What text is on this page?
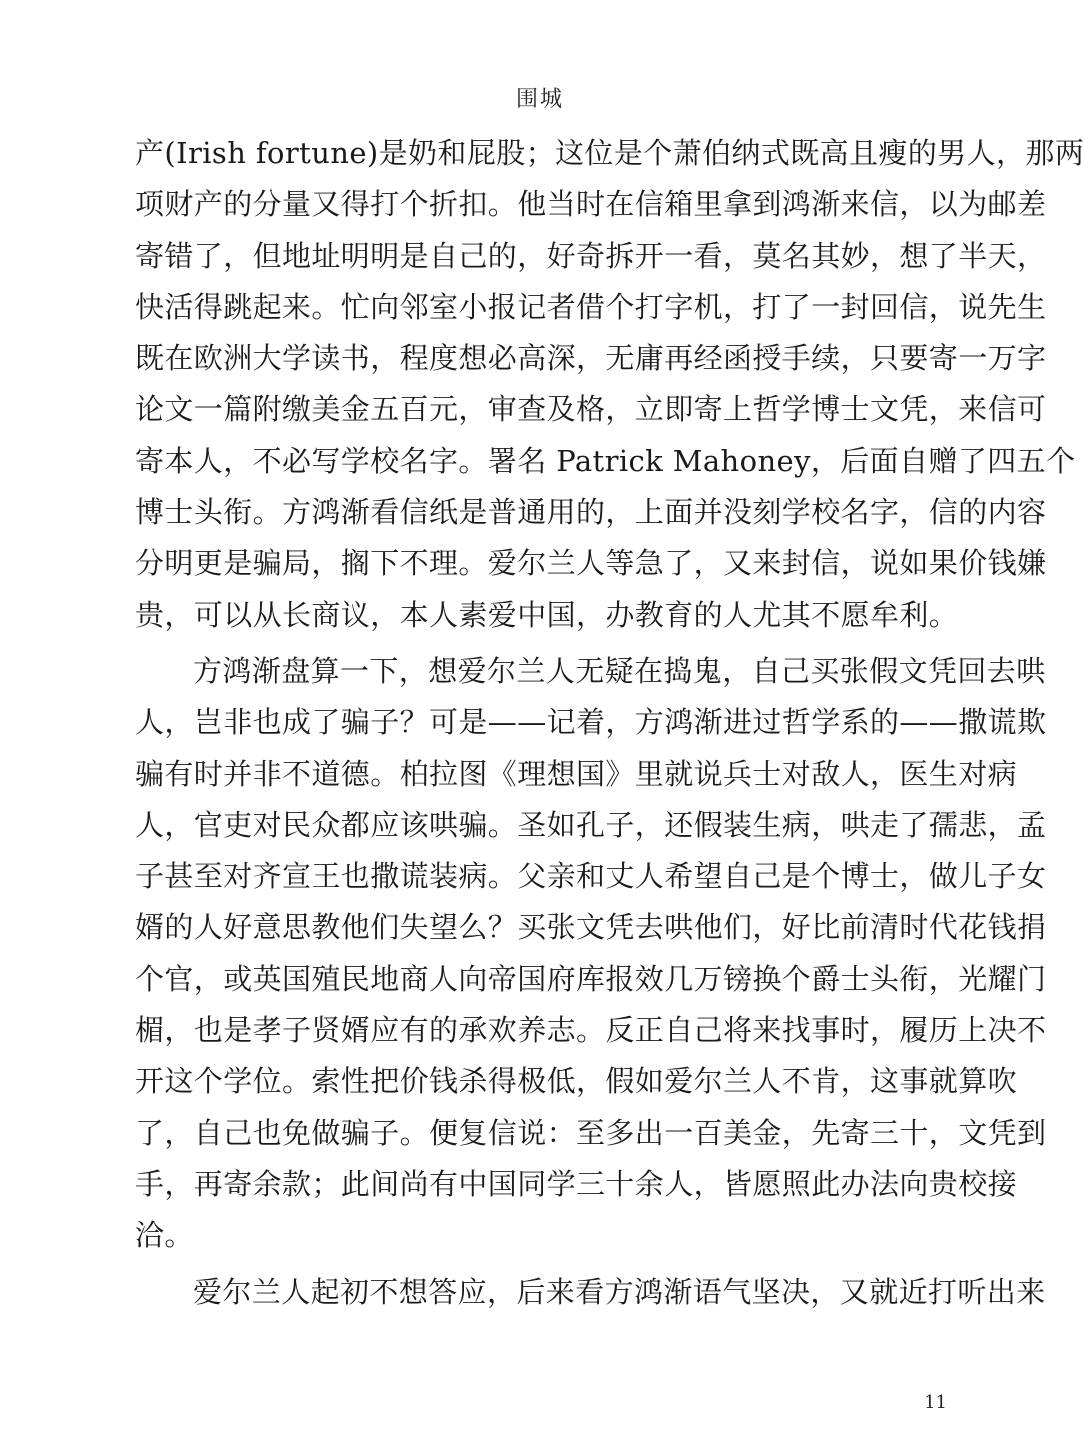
围城
产(Irish fortune)是奶和屁股；这位是个萧伯纳式既高且瘦的男人，那两
项财产的分量又得打个折扣。他当时在信箱里拿到鸿渐来信，以为邮差
寄错了，但地址明明是自己的，好奇拆开一看，莫名其妙，想了半天，
快活得跳起来。忙向邻室小报记者借个打字机，打了一封回信，说先生
既在欧洲大学读书，程度想必高深，无庸再经函授手续，只要寄一万字
论文一篇附缴美金五百元，审查及格，立即寄上哲学博士文凭，来信可
寄本人，不必写学校名字。署名 Patrick Mahoney，后面自赠了四五个
博士头衔。方鸿渐看信纸是普通用的，上面并没刻学校名字，信的内容
分明更是骗局，搁下不理。爱尔兰人等急了，又来封信，说如果价钱嫌
贵，可以从长商议，本人素爱中国，办教育的人尤其不愿牟利。
方鸿渐盘算一下，想爱尔兰人无疑在捣鬼，自己买张假文凭回去哄
人，岂非也成了骗子？可是——记着，方鸿渐进过哲学系的——撒谎欺
骗有时并非不道德。柏拉图《理想国》里就说兵士对敌人，医生对病
人，官吏对民众都应该哄骗。圣如孔子，还假装生病，哄走了孺悲，孟
子甚至对齐宣王也撒谎装病。父亲和丈人希望自己是个博士，做儿子女
婿的人好意思教他们失望么？买张文凭去哄他们，好比前清时代花钱捐
个官，或英国殖民地商人向帝国府库报效几万镑换个爵士头衔，光耀门
楣，也是孝子贤婿应有的承欢养志。反正自己将来找事时，履历上决不
开这个学位。索性把价钱杀得极低，假如爱尔兰人不肯，这事就算吹
了，自己也免做骗子。便复信说：至多出一百美金，先寄三十，文凭到
手，再寄余款；此间尚有中国同学三十余人，皆愿照此办法向贵校接
洽。
爱尔兰人起初不想答应，后来看方鸿渐语气坚决，又就近打听出来
11
